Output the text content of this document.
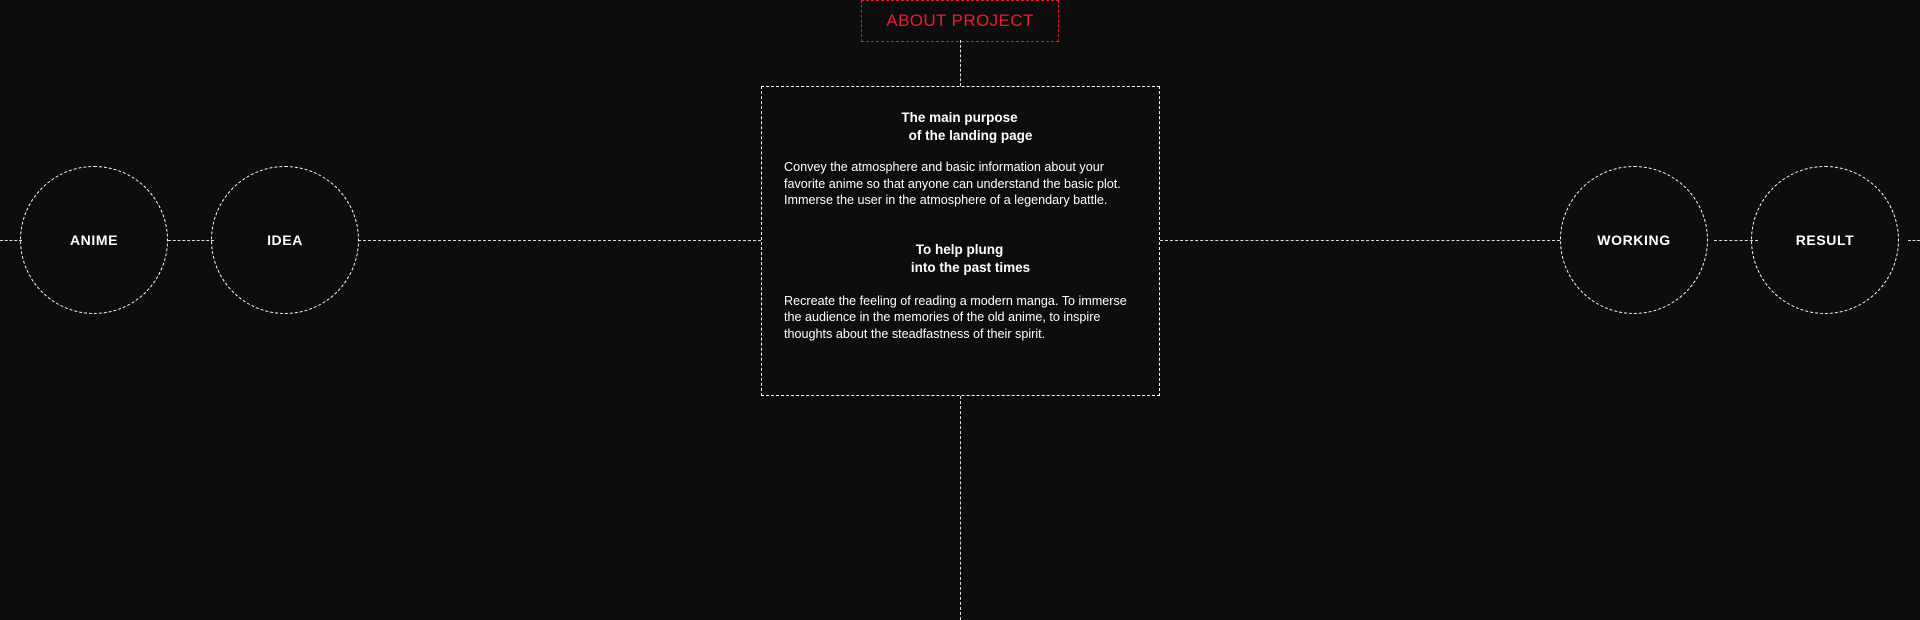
ABOUT PROJECT
ANIME	IDEA	WORKING	RESULT
The main purpose
of the landing page

Convey the atmosphere and basic information about your favorite anime so that anyone can understand the basic plot. Immerse the user in the atmosphere of a legendary battle.

To help plung
into the past times

Recreate the feeling of reading a modern manga. To immerse the audience in the memories of the old anime, to inspire thoughts about the steadfastness of their spirit.
